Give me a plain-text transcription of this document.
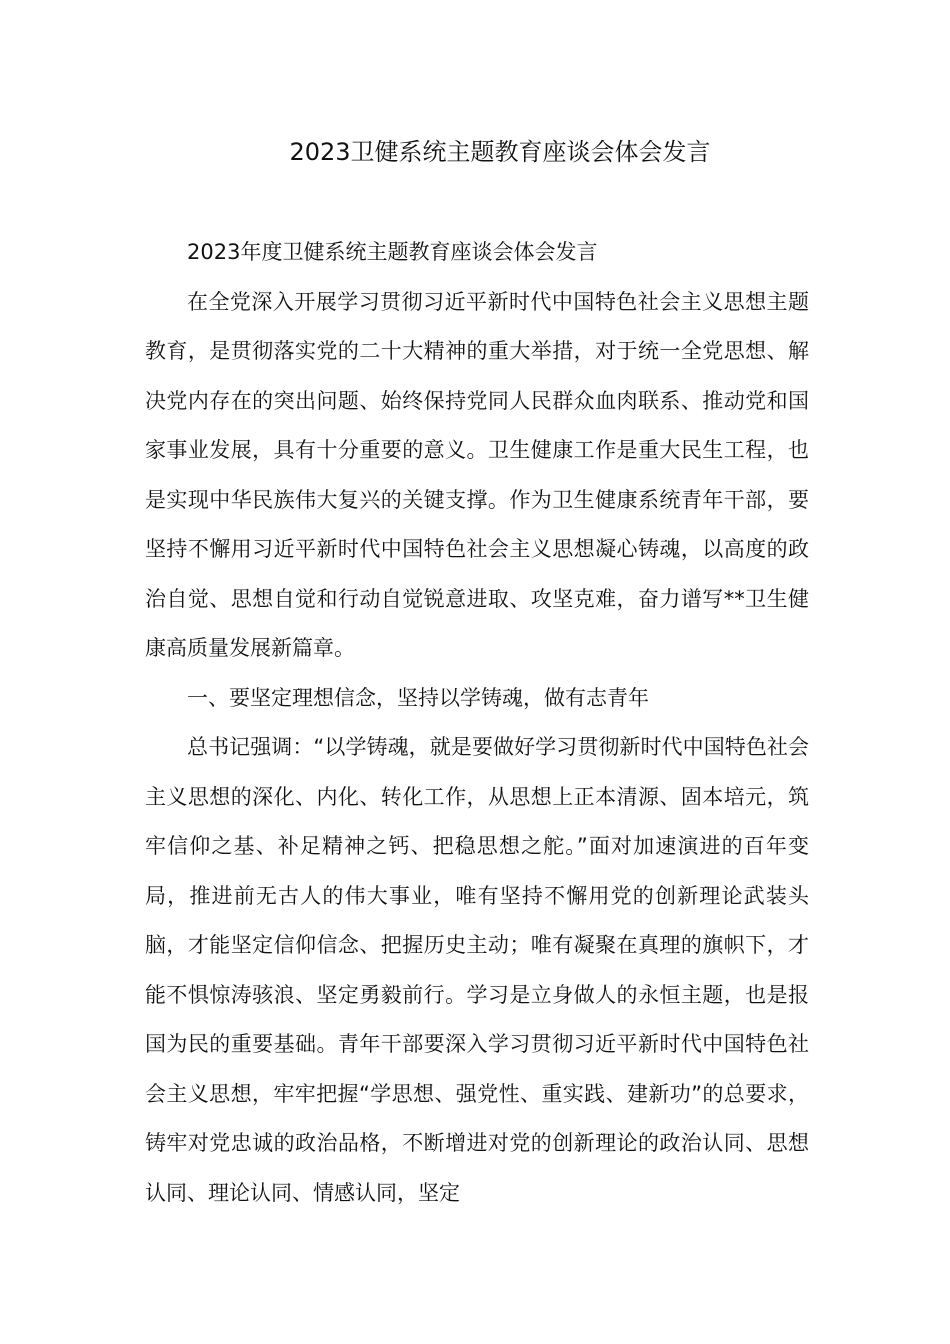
2023卫健系统主题教育座谈会体会发言

2023年度卫健系统主题教育座谈会体会发言

在全党深入开展学习贯彻习近平新时代中国特色社会主义思想主题教育，是贯彻落实党的二十大精神的重大举措，对于统一全党思想、解决党内存在的突出问题、始终保持党同人民群众血肉联系、推动党和国家事业发展，具有十分重要的意义。卫生健康工作是重大民生工程，也是实现中华民族伟大复兴的关键支撑。作为卫生健康系统青年干部，要坚持不懈用习近平新时代中国特色社会主义思想凝心铸魂，以高度的政治自觉、思想自觉和行动自觉锐意进取、攻坚克难，奋力谱写**卫生健康高质量发展新篇章。

一、要坚定理想信念，坚持以学铸魂，做有志青年

总书记强调：“以学铸魂，就是要做好学习贯彻新时代中国特色社会主义思想的深化、内化、转化工作，从思想上正本清源、固本培元，筑牢信仰之基、补足精神之钙、把稳思想之舵。”面对加速演进的百年变局，推进前无古人的伟大事业，唯有坚持不懈用党的创新理论武装头脑，才能坚定信仰信念、把握历史主动；唯有凝聚在真理的旗帜下，才能不惧惊涛骇浪、坚定勇毅前行。学习是立身做人的永恒主题，也是报国为民的重要基础。青年干部要深入学习贯彻习近平新时代中国特色社会主义思想，牢牢把握“学思想、强党性、重实践、建新功”的总要求，铸牢对党忠诚的政治品格，不断增进对党的创新理论的政治认同、思想认同、理论认同、情感认同，坚定
